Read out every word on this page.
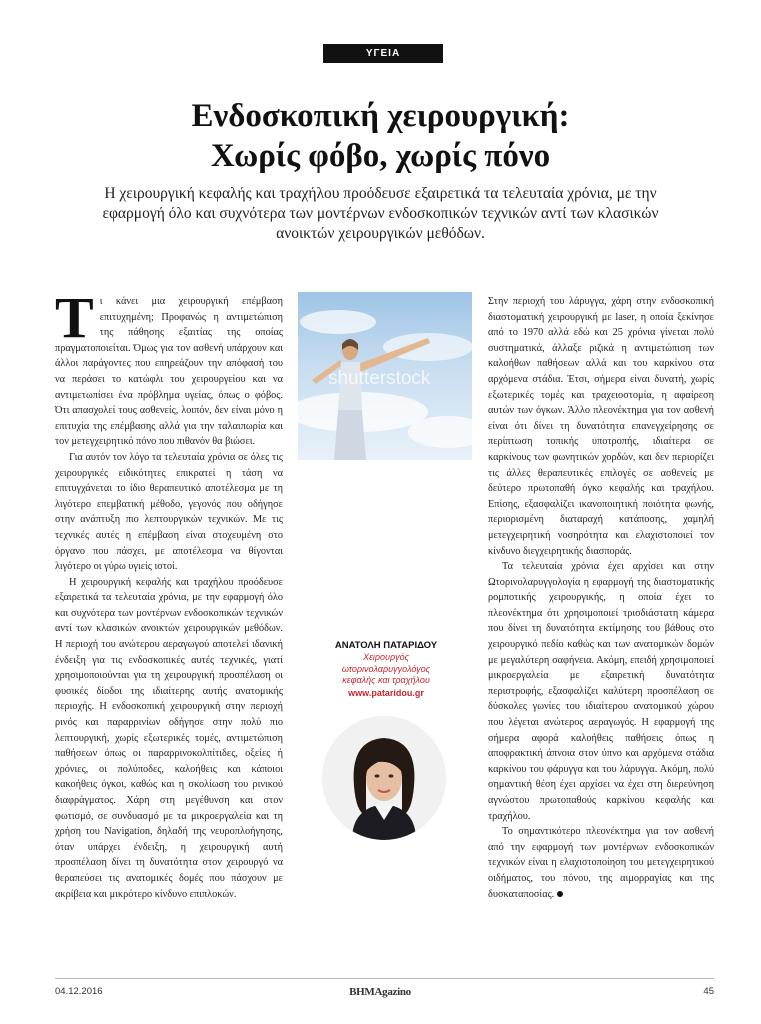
ΥΓΕΙΑ
Ενδοσκοπική χειρουργική:
Χωρίς φόβο, χωρίς πόνο

Η χειρουργική κεφαλής και τραχήλου προόδευσε εξαιρετικά τα τελευταία χρόνια, με την εφαρμογή όλο και συχνότερα των μοντέρνων ενδοσκοπικών τεχνικών αντί των κλασικών ανοικτών χειρουργικών μεθόδων.

Τι κάνει μια χειρουργική επέμβαση επιτυχημένη; Προφανώς η αντιμετώπιση της πάθησης εξαιτίας της οποίας πραγματοποιείται. Όμως για τον ασθενή υπάρχουν και άλλοι παράγοντες που επηρεάζουν την απόφασή του να περάσει το κατώφλι του χειρουργείου και να αντιμετωπίσει ένα πρόβλημα υγείας, όπως ο φόβος. Ότι απασχολεί τους ασθενείς, λοιπόν, δεν είναι μόνο η επιτυχία της επέμβασης αλλά για την ταλαιπωρία και τον μετεγχειρητικό πόνο που πιθανόν θα βιώσει.

Για αυτόν τον λόγο τα τελευταία χρόνια σε όλες τις χειρουργικές ειδικότητες επικρατεί η τάση να επιτυγχάνεται το ίδιο θεραπευτικό αποτέλεσμα με τη λιγότερο επεμβατική μέθοδο, γεγονός που οδήγησε στην ανάπτυξη πιο λεπτουργικών τεχνικών. Με τις τεχνικές αυτές η επέμβαση είναι στοχευμένη στο όργανο που πάσχει, με αποτέλεσμα να θίγονται λιγότερο οι γύρω υγιείς ιστοί.

Η χειρουργική κεφαλής και τραχήλου προόδευσε εξαιρετικά τα τελευταία χρόνια, με την εφαρμογή όλο και συχνότερα των μοντέρνων ενδοσκοπικών τεχνικών αντί των κλασικών ανοικτών χειρουργικών μεθόδων. Η περιοχή του ανώτερου αεραγωγού αποτελεί ιδανική ένδειξη για τις ενδοσκοπικές αυτές τεχνικές, γιατί χρησιμοποιούνται για τη χειρουργική προσπέλαση οι φυσικές δίοδοι της ιδιαίτερης αυτής ανατομικής περιοχής. Η ενδοσκοπική χειρουργική στην περιοχή ρινός και παραρρινίων οδήγησε στην πολύ πιο λεπτουργική, χωρίς εξωτερικές τομές, αντιμετώπιση παθήσεων όπως οι παραρρινοκολπίτιδες, οξείες ή χρόνιες, οι πολύποδες, καλοήθεις και κάποιοι κακοήθεις όγκοι, καθώς και η σκολίωση του ρινικού διαφράγματος. Χάρη στη μεγέθυνση και στον φωτισμό, σε συνδυασμό με τα μικροεργαλεία και τη χρήση του Navigation, δηλαδή της νευροπλοήγησης, όταν υπάρχει ένδειξη, η χειρουργική αυτή προσπέλαση δίνει τη δυνατότητα στον χειρουργό να θεραπεύσει τις ανατομικές δομές που πάσχουν με ακρίβεια και μικρότερο κίνδυνο επιπλοκών.

shutterstock
ΑΝΑΤΟΛΗ ΠΑΤΑΡΙΔΟΥ
Χειρουργός
ωτορινολαρυγγολόγος
κεφαλής και τραχήλου
www.pataridou.gr

Στην περιοχή του λάρυγγα, χάρη στην ενδοσκοπική διαστοματική χειρουργική με laser, η οποία ξεκίνησε από το 1970 αλλά εδώ και 25 χρόνια γίνεται πολύ συστηματικά, άλλαξε ριζικά η αντιμετώπιση των καλοήθων παθήσεων αλλά και του καρκίνου στα αρχόμενα στάδια. Έτσι, σήμερα είναι δυνατή, χωρίς εξωτερικές τομές και τραχειοστομία, η αφαίρεση αυτών των όγκων. Άλλο πλεονέκτημα για τον ασθενή είναι ότι δίνει τη δυνατότητα επανεγχείρησης σε περίπτωση τοπικής υποτροπής, ιδιαίτερα σε καρκίνους των φωνητικών χορδών, και δεν περιορίζει τις άλλες θεραπευτικές επιλογές σε ασθενείς με δεύτερο πρωτοπαθή όγκο κεφαλής και τραχήλου. Επίσης, εξασφαλίζει ικανοποιητική ποιότητα φωνής, περιορισμένη διαταραχή κατάποσης, χαμηλή μετεγχειρητική νοσηρότητα και ελαχιστοποιεί τον κίνδυνο διεγχειρητικής διασποράς.

Τα τελευταία χρόνια έχει αρχίσει και στην Ωτορινολαρυγγολογία η εφαρμογή της διαστοματικής ρομποτικής χειρουργικής, η οποία έχει το πλεονέκτημα ότι χρησιμοποιεί τρισδιάστατη κάμερα που δίνει τη δυνατότητα εκτίμησης του βάθους στο χειρουργικό πεδίο καθώς και των ανατομικών δομών με μεγαλύτερη σαφήνεια. Ακόμη, επειδή χρησιμοποιεί μικροεργαλεία με εξαιρετική δυνατότητα περιστροφής, εξασφαλίζει καλύτερη προσπέλαση σε δύσκολες γωνίες του ιδιαίτερου ανατομικού χώρου που λέγεται ανώτερος αεραγωγός. Η εφαρμογή της σήμερα αφορά καλοήθεις παθήσεις όπως η αποφρακτική άπνοια στον ύπνο και αρχόμενα στάδια καρκίνου του φάρυγγα και του λάρυγγα. Ακόμη, πολύ σημαντική θέση έχει αρχίσει να έχει στη διερεύνηση αγνώστου πρωτοπαθούς καρκίνου κεφαλής και τραχήλου.

Το σημαντικότερο πλεονέκτημα για τον ασθενή από την εφαρμογή των μοντέρνων ενδοσκοπικών τεχνικών είναι η ελαχιστοποίηση του μετεγχειρητικού οιδήματος, του πόνου, της αιμορραγίας και της δυσκαταποσίας.

04.12.2016	ΒΗΜΑgazino	45
